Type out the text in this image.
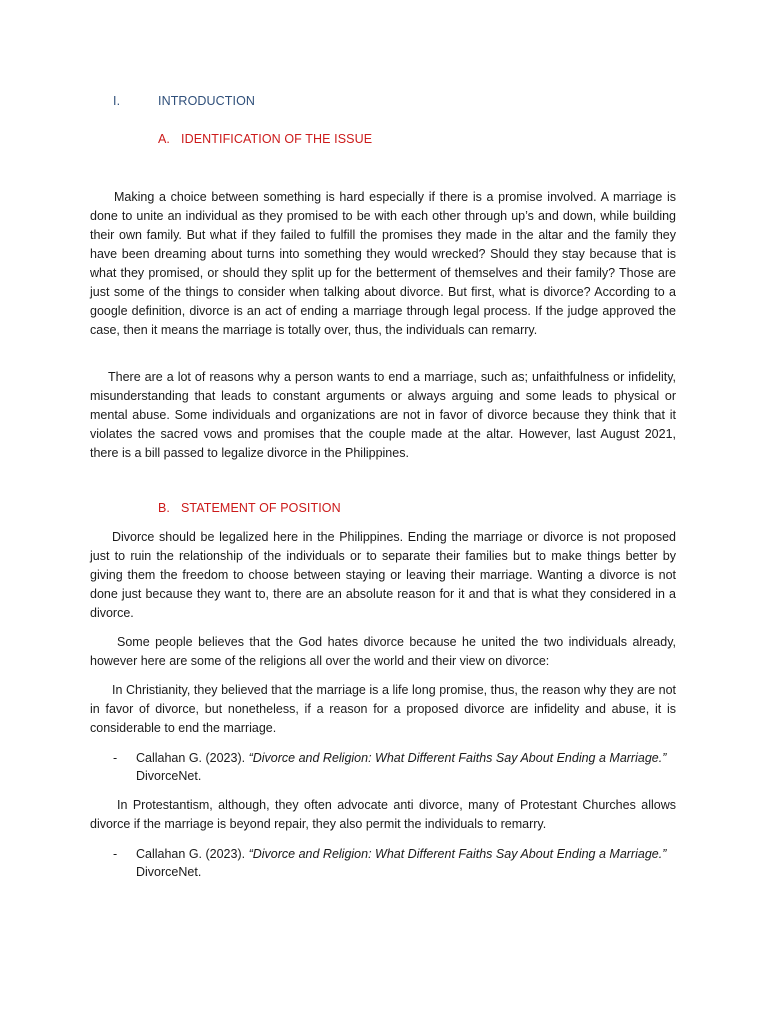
I.	INTRODUCTION
A. IDENTIFICATION OF THE ISSUE

Making a choice between something is hard especially if there is a promise involved. A marriage is done to unite an individual as they promised to be with each other through up’s and down, while building their own family. But what if they failed to fulfill the promises they made in the altar and the family they have been dreaming about turns into something they would wrecked? Should they stay because that is what they promised, or should they split up for the betterment of themselves and their family? Those are just some of the things to consider when talking about divorce. But first, what is divorce? According to a google definition, divorce is an act of ending a marriage through legal process. If the judge approved the case, then it means the marriage is totally over, thus, the individuals can remarry.

There are a lot of reasons why a person wants to end a marriage, such as; unfaithfulness or infidelity, misunderstanding that leads to constant arguments or always arguing and some leads to physical or mental abuse. Some individuals and organizations are not in favor of divorce because they think that it violates the sacred vows and promises that the couple made at the altar. However, last August 2021, there is a bill passed to legalize divorce in the Philippines.

B. STATEMENT OF POSITION

Divorce should be legalized here in the Philippines. Ending the marriage or divorce is not proposed just to ruin the relationship of the individuals or to separate their families but to make things better by giving them the freedom to choose between staying or leaving their marriage. Wanting a divorce is not done just because they want to, there are an absolute reason for it and that is what they considered in a divorce.

Some people believes that the God hates divorce because he united the two individuals already, however here are some of the religions all over the world and their view on divorce:

In Christianity, they believed that the marriage is a life long promise, thus, the reason why they are not in favor of divorce, but nonetheless, if a reason for a proposed divorce are infidelity and abuse, it is considerable to end the marriage.

- Callahan G. (2023). “Divorce and Religion: What Different Faiths Say About Ending a Marriage.”
DivorceNet.

In Protestantism, although, they often advocate anti divorce, many of Protestant Churches allows divorce if the marriage is beyond repair, they also permit the individuals to remarry.

- Callahan G. (2023). “Divorce and Religion: What Different Faiths Say About Ending a Marriage.”
DivorceNet.
